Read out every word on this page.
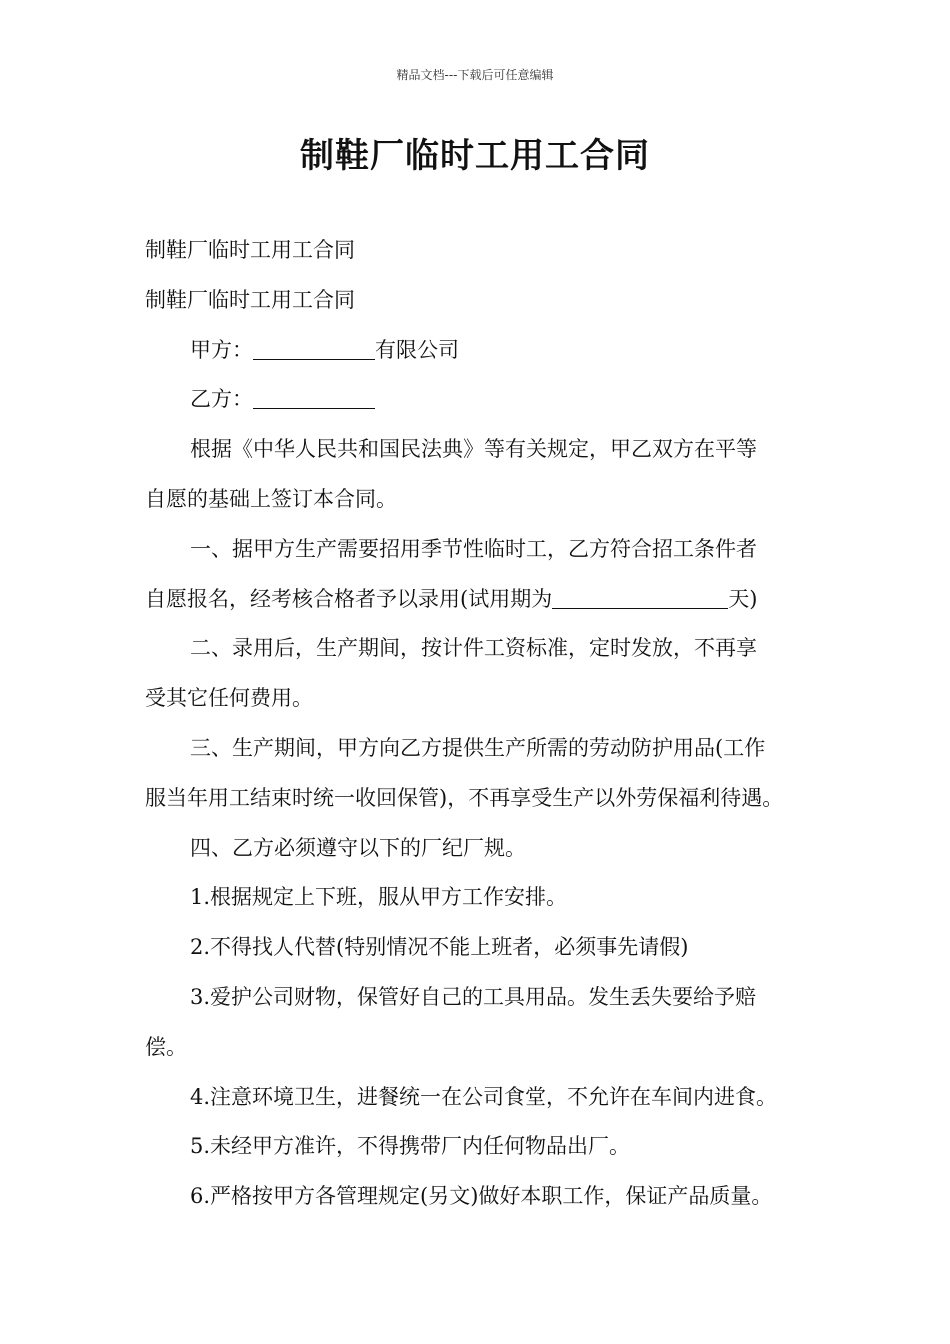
精品文档---下载后可任意编辑
制鞋厂临时工用工合同

制鞋厂临时工用工合同

制鞋厂临时工用工合同

甲方：	有限公司

乙方：

根据《中华人民共和国民法典》等有关规定，甲乙双方在平等

自愿的基础上签订本合同。

一、据甲方生产需要招用季节性临时工，乙方符合招工条件者

自愿报名，经考核合格者予以录用(试用期为	天)

二、录用后，生产期间，按计件工资标准，定时发放，不再享

受其它任何费用。

三、生产期间，甲方向乙方提供生产所需的劳动防护用品(工作

服当年用工结束时统一收回保管)，不再享受生产以外劳保福利待遇。

四、乙方必须遵守以下的厂纪厂规。

1.根据规定上下班，服从甲方工作安排。

2.不得找人代替(特别情况不能上班者，必须事先请假)

3.爱护公司财物，保管好自己的工具用品。发生丢失要给予赔

偿。

4.注意环境卫生，进餐统一在公司食堂，不允许在车间内进食。

5.未经甲方准许，不得携带厂内任何物品出厂。

6.严格按甲方各管理规定(另文)做好本职工作，保证产品质量。
